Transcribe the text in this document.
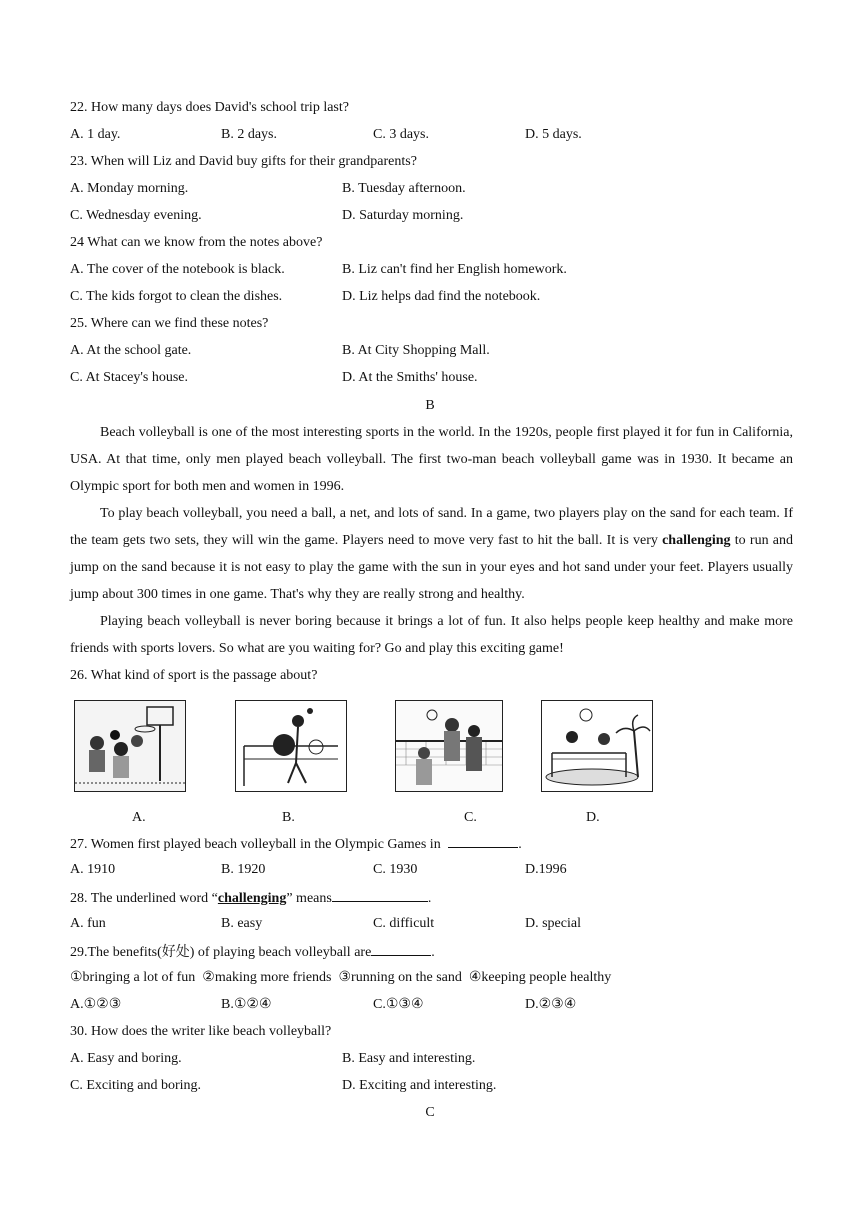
22. How many days does David's school trip last?
A. 1 day.	B. 2 days.	C. 3 days.	D. 5 days.
23. When will Liz and David buy gifts for their grandparents?
A. Monday morning.	B. Tuesday afternoon.
C. Wednesday evening.	D. Saturday morning.
24 What can we know from the notes above?
A. The cover of the notebook is black.	B. Liz can't find her English homework.
C. The kids forgot to clean the dishes.	D. Liz helps dad find the notebook.
25. Where can we find these notes?
A. At the school gate.	B. At City Shopping Mall.
C. At Stacey's house.	D. At the Smiths' house.
B
Beach volleyball is one of the most interesting sports in the world. In the 1920s, people first played it for fun in California, USA. At that time, only men played beach volleyball. The first two-man beach volleyball game was in 1930. It became an Olympic sport for both men and women in 1996.
To play beach volleyball, you need a ball, a net, and lots of sand. In a game, two players play on the sand for each team. If the team gets two sets, they will win the game. Players need to move very fast to hit the ball. It is very challenging to run and jump on the sand because it is not easy to play the game with the sun in your eyes and hot sand under your feet. Players usually jump about 300 times in one game. That's why they are really strong and healthy.
Playing beach volleyball is never boring because it brings a lot of fun. It also helps people keep healthy and make more friends with sports lovers. So what are you waiting for? Go and play this exciting game!
26. What kind of sport is the passage about?
A.	B.	C.	D.
27. Women first played beach volleyball in the Olympic Games in	.
A. 1910	B. 1920	C. 1930	D.1996
28. The underlined word “challenging” means	.
A. fun	B. easy	C. difficult	D. special
29.The benefits(好处) of playing beach volleyball are	.
①bringing a lot of fun  ②making more friends  ③running on the sand  ④keeping people healthy
A.①②③	B.①②④	C.①③④	D.②③④
30. How does the writer like beach volleyball?
A. Easy and boring.	B. Easy and interesting.
C. Exciting and boring.	D. Exciting and interesting.
C
